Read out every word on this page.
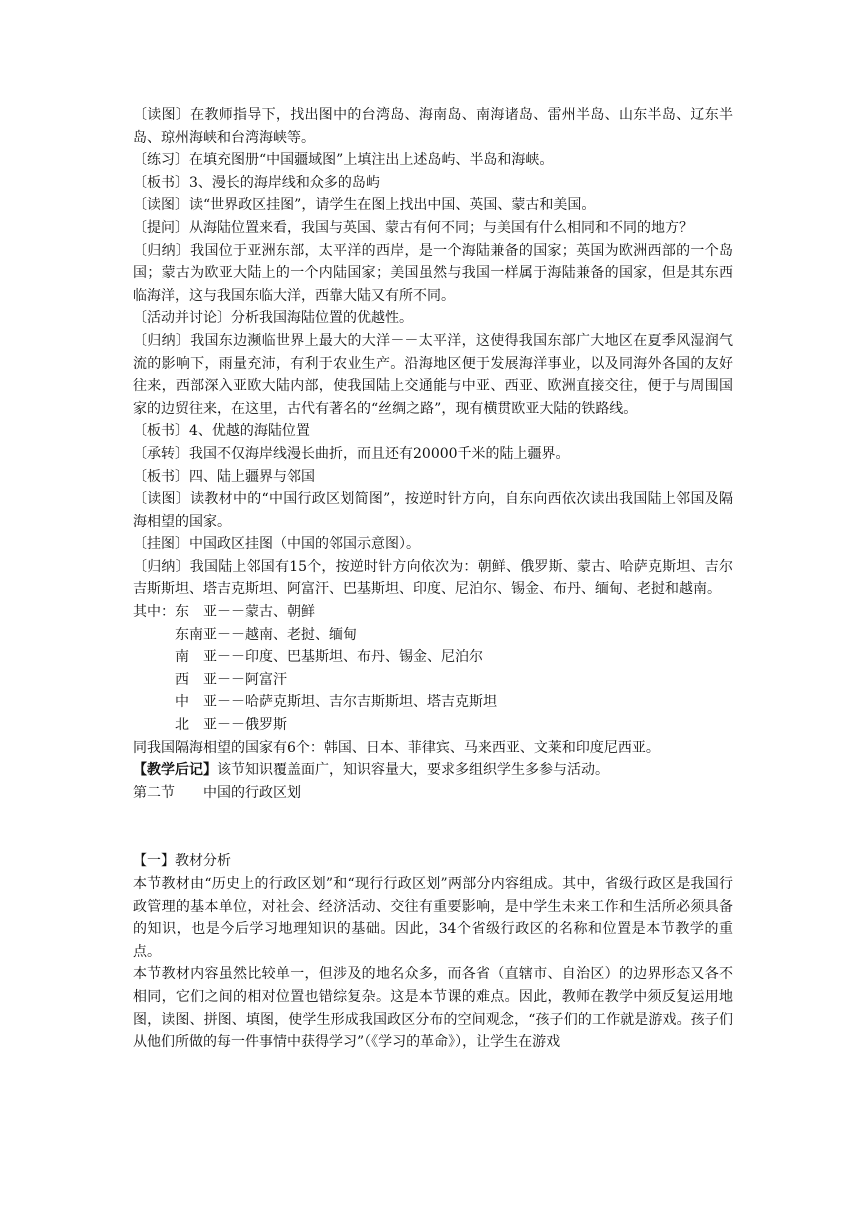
〔读图〕在教师指导下，找出图中的台湾岛、海南岛、南海诸岛、雷州半岛、山东半岛、辽东半岛、琼州海峡和台湾海峡等。

〔练习〕在填充图册“中国疆域图”上填注出上述岛屿、半岛和海峡。

〔板书〕3、漫长的海岸线和众多的岛屿

〔读图〕读“世界政区挂图”，请学生在图上找出中国、英国、蒙古和美国。

〔提问〕从海陆位置来看，我国与英国、蒙古有何不同；与美国有什么相同和不同的地方？

〔归纳〕我国位于亚洲东部，太平洋的西岸，是一个海陆兼备的国家；英国为欧洲西部的一个岛国；蒙古为欧亚大陆上的一个内陆国家；美国虽然与我国一样属于海陆兼备的国家，但是其东西临海洋，这与我国东临大洋，西靠大陆又有所不同。

〔活动并讨论〕分析我国海陆位置的优越性。

〔归纳〕我国东边濒临世界上最大的大洋－－太平洋，这使得我国东部广大地区在夏季风湿润气流的影响下，雨量充沛，有利于农业生产。沿海地区便于发展海洋事业，以及同海外各国的友好往来，西部深入亚欧大陆内部，使我国陆上交通能与中亚、西亚、欧洲直接交往，便于与周围国家的边贸往来，在这里，古代有著名的“丝绸之路”，现有横贯欧亚大陆的铁路线。

〔板书〕4、优越的海陆位置

〔承转〕我国不仅海岸线漫长曲折，而且还有20000千米的陆上疆界。

〔板书〕四、陆上疆界与邻国

〔读图〕读教材中的“中国行政区划简图”，按逆时针方向，自东向西依次读出我国陆上邻国及隔海相望的国家。

〔挂图〕中国政区挂图（中国的邻国示意图）。

〔归纳〕我国陆上邻国有15个，按逆时针方向依次为：朝鲜、俄罗斯、蒙古、哈萨克斯坦、吉尔吉斯斯坦、塔吉克斯坦、阿富汗、巴基斯坦、印度、尼泊尔、锡金、布丹、缅甸、老挝和越南。

其中：东　亚－－蒙古、朝鲜

东南亚－－越南、老挝、缅甸

南　亚－－印度、巴基斯坦、布丹、锡金、尼泊尔

西　亚－－阿富汗

中　亚－－哈萨克斯坦、吉尔吉斯斯坦、塔吉克斯坦

北　亚－－俄罗斯

同我国隔海相望的国家有6个：韩国、日本、菲律宾、马来西亚、文莱和印度尼西亚。

【教学后记】该节知识覆盖面广，知识容量大，要求多组织学生多参与活动。

第二节　　中国的行政区划

【一】教材分析

本节教材由“历史上的行政区划”和“现行行政区划”两部分内容组成。其中，省级行政区是我国行政管理的基本单位，对社会、经济活动、交往有重要影响，是中学生未来工作和生活所必须具备的知识，也是今后学习地理知识的基础。因此，34个省级行政区的名称和位置是本节教学的重点。

本节教材内容虽然比较单一，但涉及的地名众多，而各省（直辖市、自治区）的边界形态又各不相同，它们之间的相对位置也错综复杂。这是本节课的难点。因此，教师在教学中须反复运用地图，读图、拼图、填图，使学生形成我国政区分布的空间观念，“孩子们的工作就是游戏。孩子们从他们所做的每一件事情中获得学习”（《学习的革命》），让学生在游戏
